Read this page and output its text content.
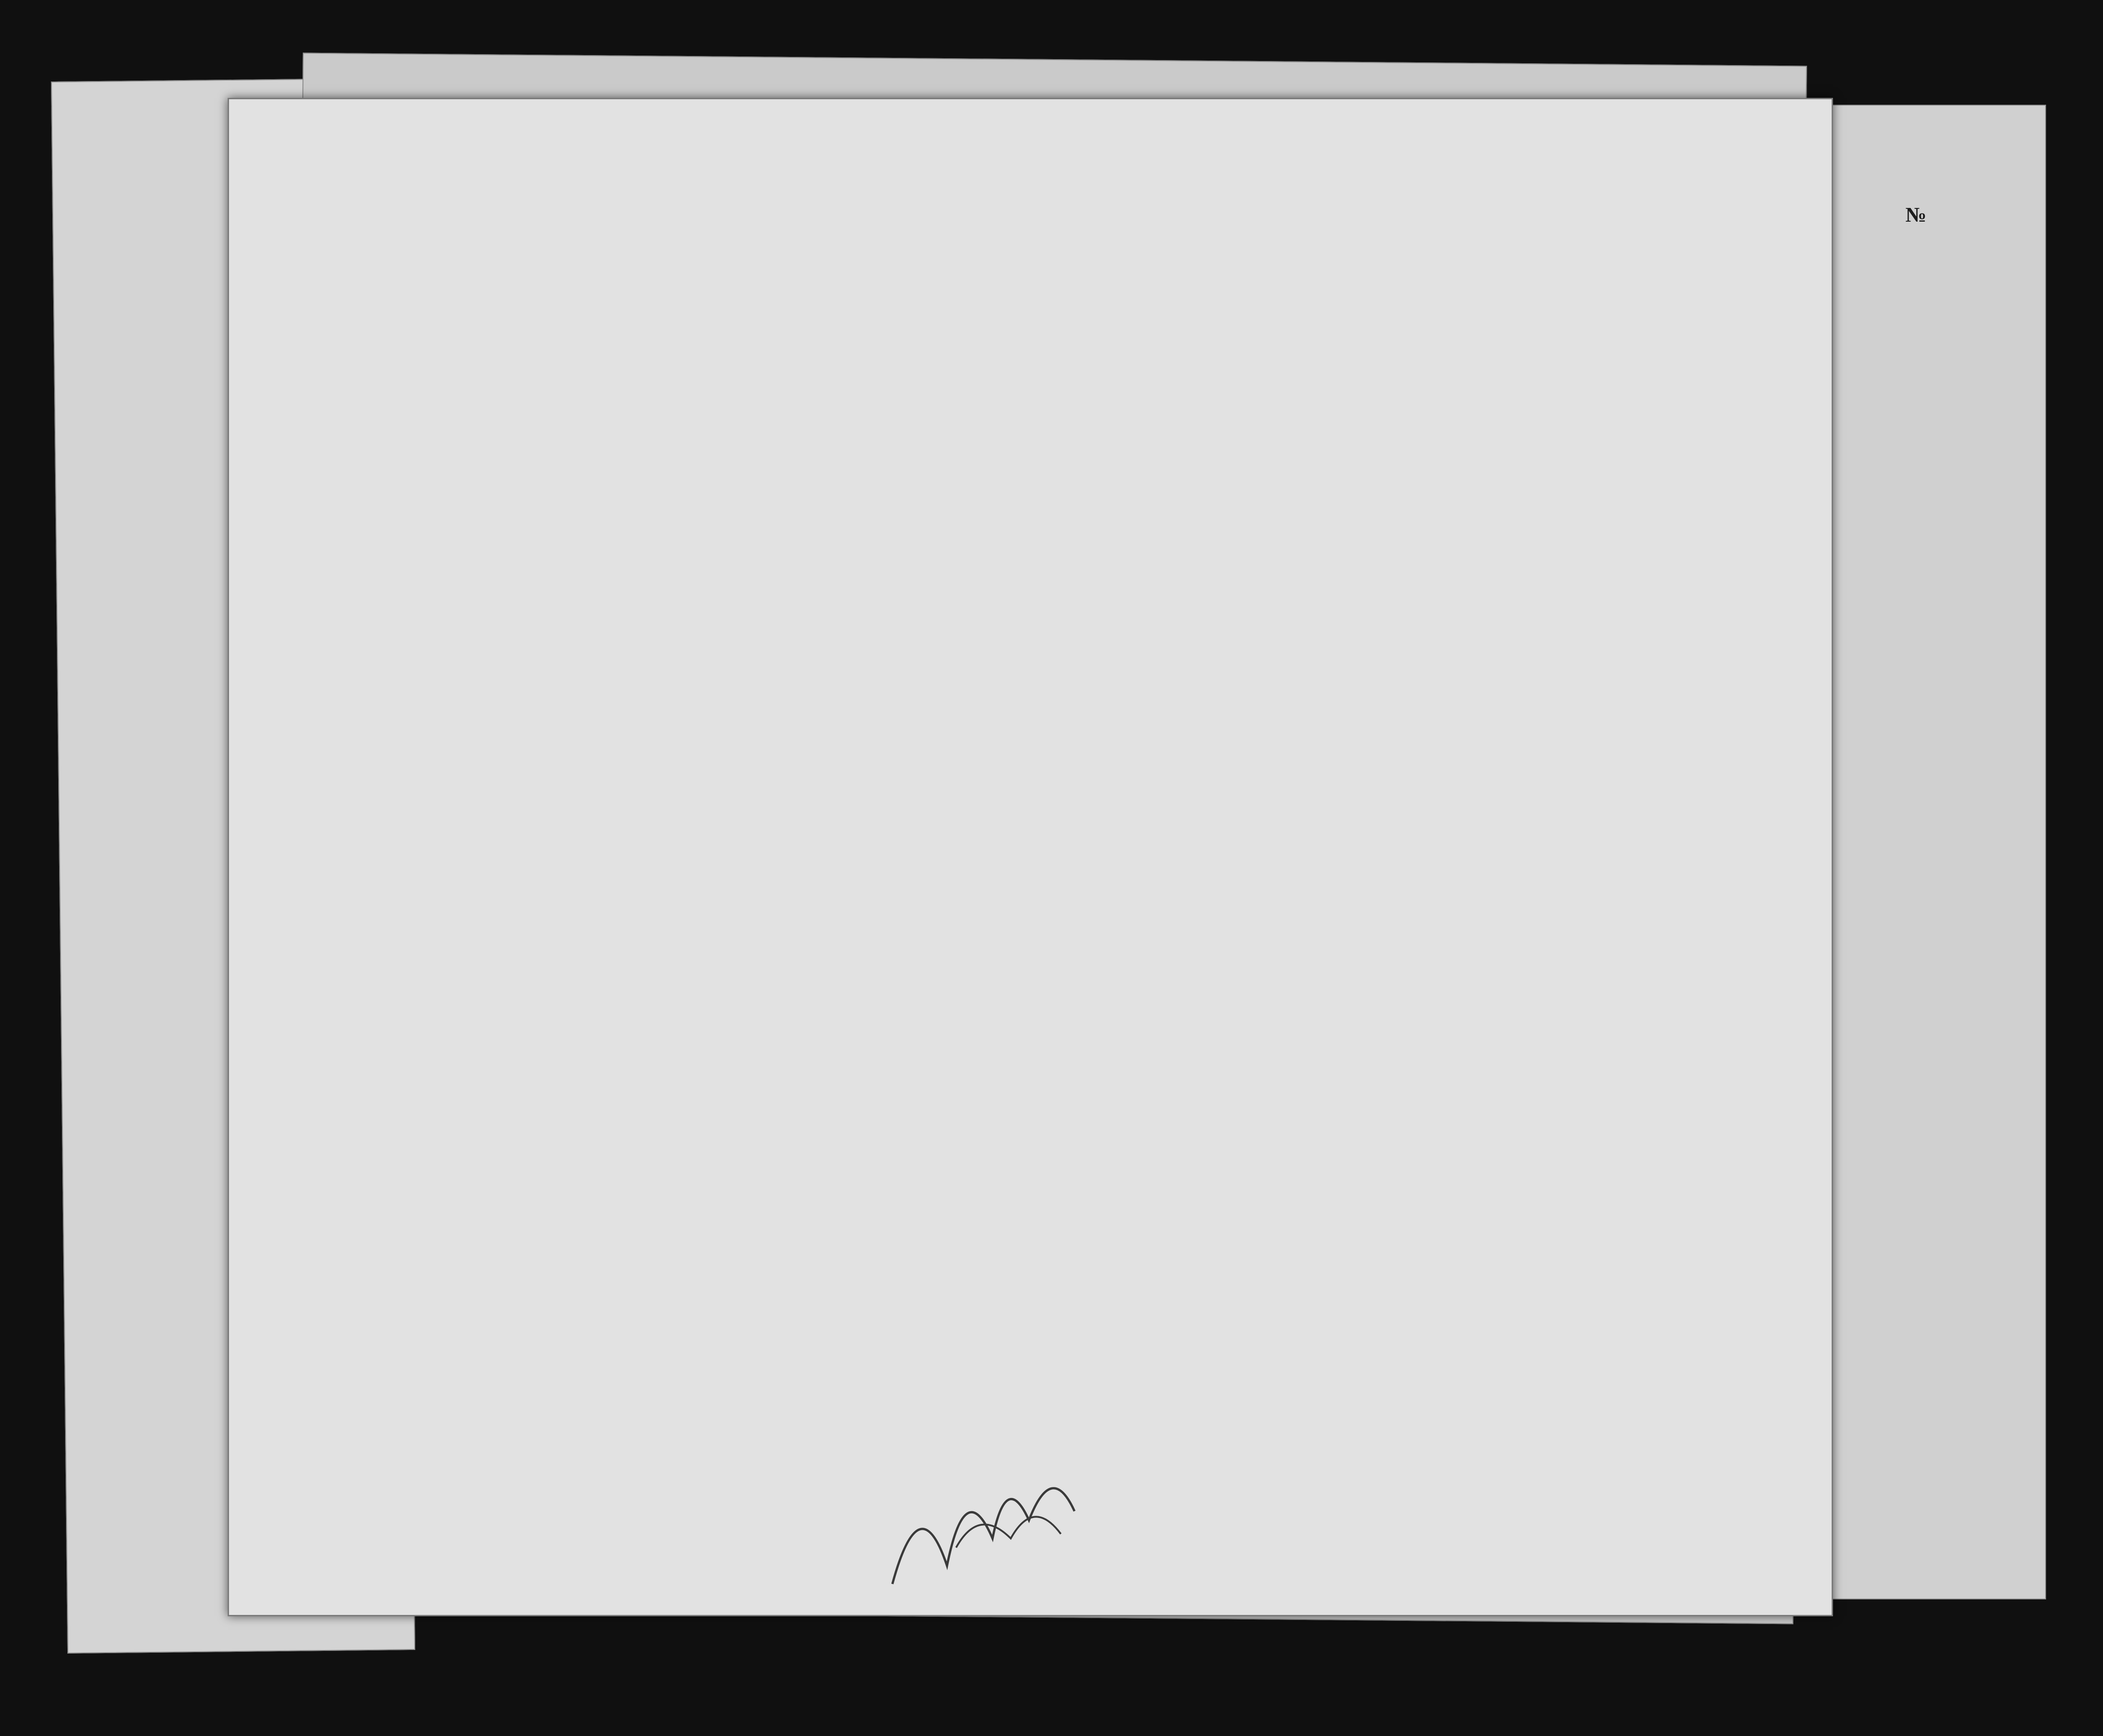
№
